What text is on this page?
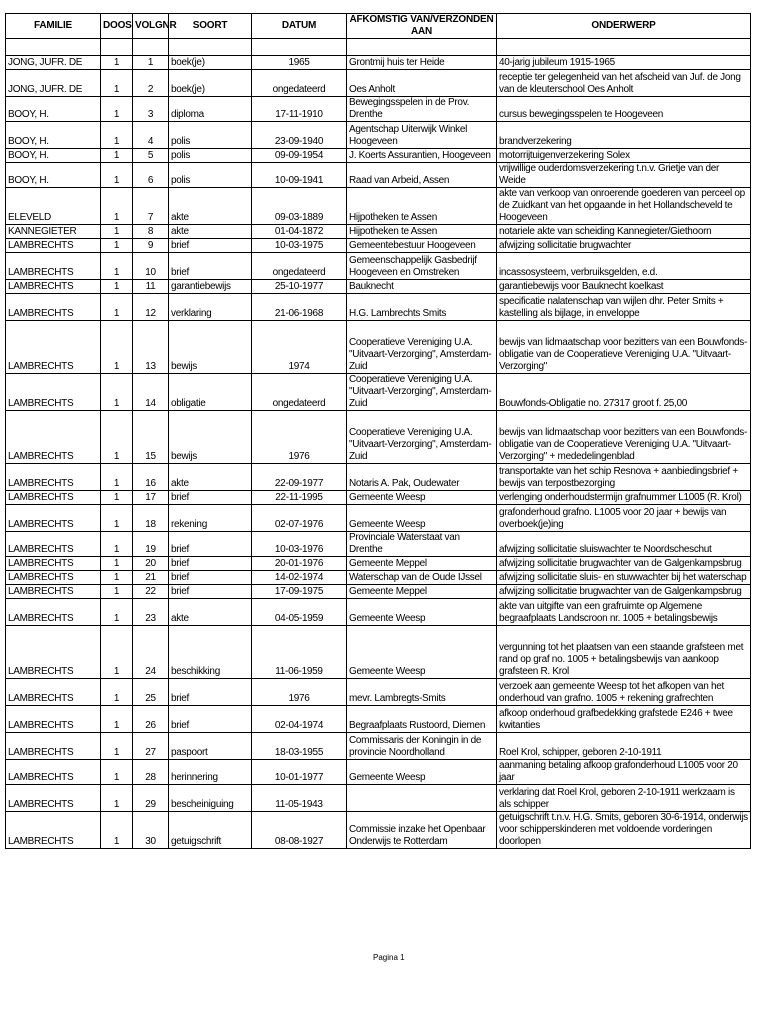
FAMILIE	DOOS	VOLGNR	SOORT	DATUM	AFKOMSTIG VAN/VERZONDEN AAN	ONDERWERP

JONG, JUFR. DE	1	1	boek(je)	1965	Grontmij huis ter Heide	40-jarig jubileum 1915-1965
JONG, JUFR. DE	1	2	boek(je)	ongedateerd	Oes Anholt	receptie ter gelegenheid van het afscheid van Juf. de Jong van de kleuterschool Oes Anholt
BOOY, H.	1	3	diploma	17-11-1910	Bewegingsspelen in de Prov. Drenthe	cursus bewegingsspelen te Hoogeveen
BOOY, H.	1	4	polis	23-09-1940	Agentschap Uiterwijk Winkel Hoogeveen	brandverzekering
BOOY, H.	1	5	polis	09-09-1954	J. Koerts Assurantien, Hoogeveen	motorrijtuigenverzekering Solex
BOOY, H.	1	6	polis	10-09-1941	Raad van Arbeid, Assen	vrijwillige ouderdomsverzekering t.n.v. Grietje van der Weide
ELEVELD	1	7	akte	09-03-1889	Hijpotheken te Assen	akte van verkoop van onroerende goederen van perceel op de Zuidkant van het opgaande in het Hollandscheveld te Hoogeveen
KANNEGIETER	1	8	akte	01-04-1872	Hijpotheken te Assen	notariele akte van scheiding Kannegieter/Giethoorn
LAMBRECHTS	1	9	brief	10-03-1975	Gemeentebestuur Hoogeveen	afwijzing sollicitatie brugwachter
LAMBRECHTS	1	10	brief	ongedateerd	Gemeenschappelijk Gasbedrijf Hoogeveen en Omstreken	incassosysteem, verbruiksgelden, e.d.
LAMBRECHTS	1	11	garantiebewijs	25-10-1977	Bauknecht	garantiebewijs voor Bauknecht koelkast
LAMBRECHTS	1	12	verklaring	21-06-1968	H.G. Lambrechts Smits	specificatie nalatenschap van wijlen dhr. Peter Smits + kastelling als bijlage, in enveloppe
LAMBRECHTS	1	13	bewijs	1974	Cooperatieve Vereniging U.A. "Uitvaart-Verzorging", Amsterdam-Zuid	bewijs van lidmaatschap voor bezitters van een Bouwfonds-obligatie van de Cooperatieve Vereniging U.A. "Uitvaart-Verzorging"
LAMBRECHTS	1	14	obligatie	ongedateerd	Cooperatieve Vereniging U.A. "Uitvaart-Verzorging", Amsterdam-Zuid	Bouwfonds-Obligatie no. 27317 groot f. 25,00
LAMBRECHTS	1	15	bewijs	1976	Cooperatieve Vereniging U.A. "Uitvaart-Verzorging", Amsterdam-Zuid	bewijs van lidmaatschap voor bezitters van een Bouwfonds-obligatie van de Cooperatieve Vereniging U.A. "Uitvaart-Verzorging" + mededelingenblad
LAMBRECHTS	1	16	akte	22-09-1977	Notaris A. Pak, Oudewater	transportakte van het schip Resnova + aanbiedingsbrief + bewijs van terpostbezorging
LAMBRECHTS	1	17	brief	22-11-1995	Gemeente Weesp	verlenging onderhoudstermijn grafnummer L1005 (R. Krol)
LAMBRECHTS	1	18	rekening	02-07-1976	Gemeente Weesp	grafonderhoud grafno. L1005 voor 20 jaar + bewijs van overboek(je)ing
LAMBRECHTS	1	19	brief	10-03-1976	Provinciale Waterstaat van Drenthe	afwijzing sollicitatie sluiswachter te Noordscheschut
LAMBRECHTS	1	20	brief	20-01-1976	Gemeente Meppel	afwijzing sollicitatie brugwachter van de Galgenkampsbrug
LAMBRECHTS	1	21	brief	14-02-1974	Waterschap van de Oude IJssel	afwijzing sollicitatie sluis- en stuwwachter bij het waterschap
LAMBRECHTS	1	22	brief	17-09-1975	Gemeente Meppel	afwijzing sollicitatie brugwachter van de Galgenkampsbrug
LAMBRECHTS	1	23	akte	04-05-1959	Gemeente Weesp	akte van uitgifte van een grafruimte op Algemene begraafplaats Landscroon nr. 1005 + betalingsbewijs
LAMBRECHTS	1	24	beschikking	11-06-1959	Gemeente Weesp	vergunning tot het plaatsen van een staande grafsteen met rand op graf no. 1005 + betalingsbewijs van aankoop grafsteen R. Krol
LAMBRECHTS	1	25	brief	1976	mevr. Lambregts-Smits	verzoek aan gemeente Weesp tot het afkopen van het onderhoud van grafno. 1005 + rekening grafrechten
LAMBRECHTS	1	26	brief	02-04-1974	Begraafplaats Rustoord, Diemen	afkoop onderhoud grafbedekking grafstede E246 + twee kwitanties
LAMBRECHTS	1	27	paspoort	18-03-1955	Commissaris der Koningin in de provincie Noordholland	Roel Krol, schipper, geboren 2-10-1911
LAMBRECHTS	1	28	herinnering	10-01-1977	Gemeente Weesp	aanmaning betaling afkoop grafonderhoud L1005 voor 20 jaar
LAMBRECHTS	1	29	bescheiniguing	11-05-1943		verklaring dat Roel Krol, geboren 2-10-1911 werkzaam is als schipper
LAMBRECHTS	1	30	getuigschrift	08-08-1927	Commissie inzake het Openbaar Onderwijs te Rotterdam	getuigschrift t.n.v. H.G. Smits, geboren 30-6-1914, onderwijs voor schipperskinderen met voldoende vorderingen doorlopen
Pagina 1
